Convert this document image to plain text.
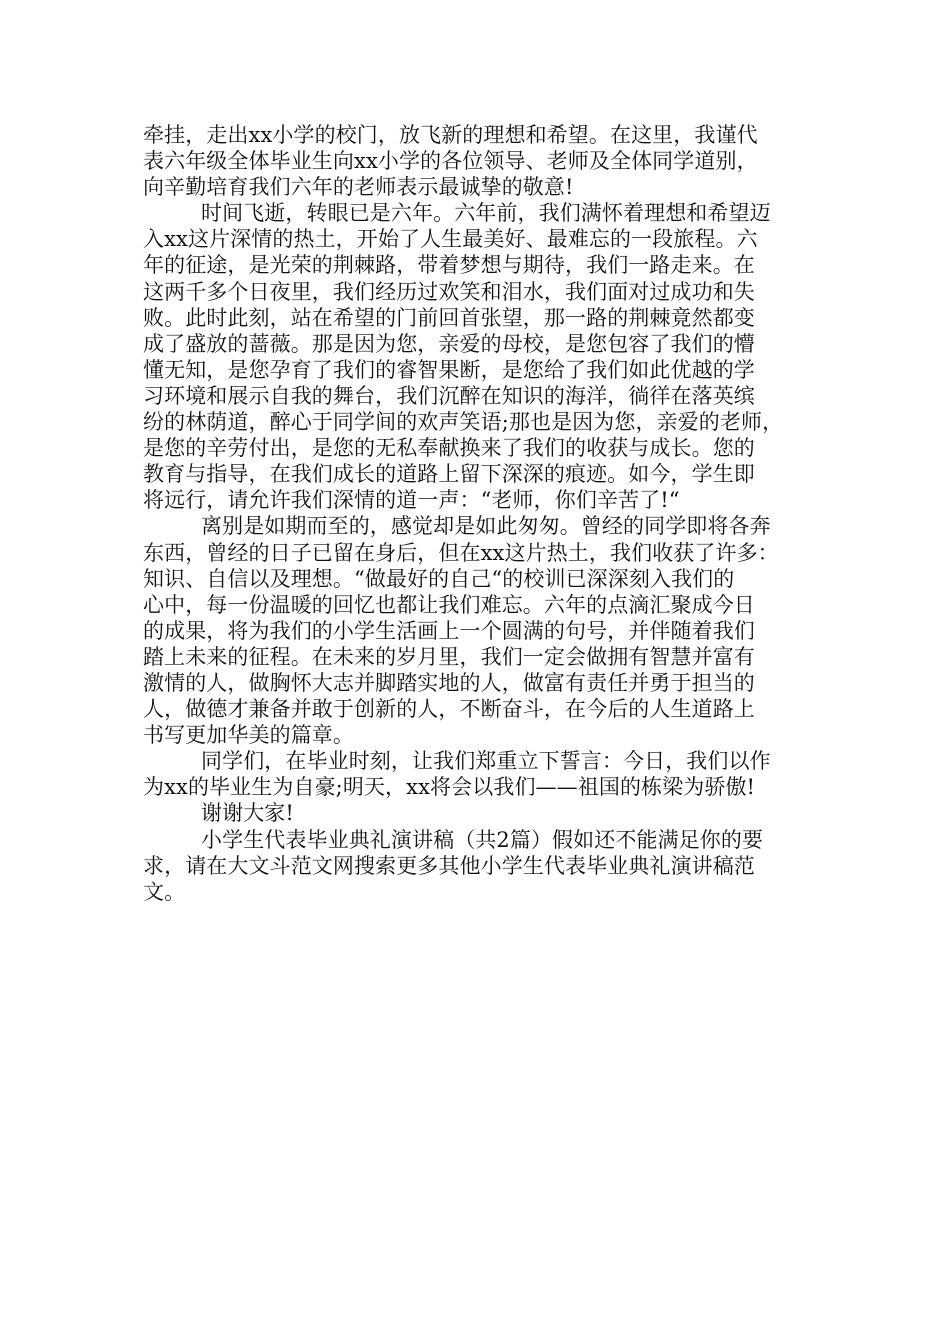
牵挂，走出xx小学的校门，放飞新的理想和希望。在这里，我谨代
表六年级全体毕业生向xx小学的各位领导、老师及全体同学道别，
向辛勤培育我们六年的老师表示最诚挚的敬意!
时间飞逝，转眼已是六年。六年前，我们满怀着理想和希望迈
入xx这片深情的热土，开始了人生最美好、最难忘的一段旅程。六
年的征途，是光荣的荆棘路，带着梦想与期待，我们一路走来。在
这两千多个日夜里，我们经历过欢笑和泪水，我们面对过成功和失
败。此时此刻，站在希望的门前回首张望，那一路的荆棘竟然都变
成了盛放的蔷薇。那是因为您，亲爱的母校，是您包容了我们的懵
懂无知，是您孕育了我们的睿智果断，是您给了我们如此优越的学
习环境和展示自我的舞台，我们沉醉在知识的海洋，徜徉在落英缤
纷的林荫道，醉心于同学间的欢声笑语;那也是因为您，亲爱的老师，
是您的辛劳付出，是您的无私奉献换来了我们的收获与成长。您的
教育与指导，在我们成长的道路上留下深深的痕迹。如今，学生即
将远行，请允许我们深情的道一声：“老师，你们辛苦了!“
离别是如期而至的，感觉却是如此匆匆。曾经的同学即将各奔
东西，曾经的日子已留在身后，但在xx这片热土，我们收获了许多：
知识、自信以及理想。“做最好的自己“的校训已深深刻入我们的
心中，每一份温暖的回忆也都让我们难忘。六年的点滴汇聚成今日
的成果，将为我们的小学生活画上一个圆满的句号，并伴随着我们
踏上未来的征程。在未来的岁月里，我们一定会做拥有智慧并富有
激情的人，做胸怀大志并脚踏实地的人，做富有责任并勇于担当的
人，做德才兼备并敢于创新的人，不断奋斗，在今后的人生道路上
书写更加华美的篇章。
同学们，在毕业时刻，让我们郑重立下誓言：今日，我们以作
为xx的毕业生为自豪;明天，xx将会以我们——祖国的栋梁为骄傲!
谢谢大家!
小学生代表毕业典礼演讲稿（共2篇）假如还不能满足你的要
求，请在大文斗范文网搜索更多其他小学生代表毕业典礼演讲稿范
文。
